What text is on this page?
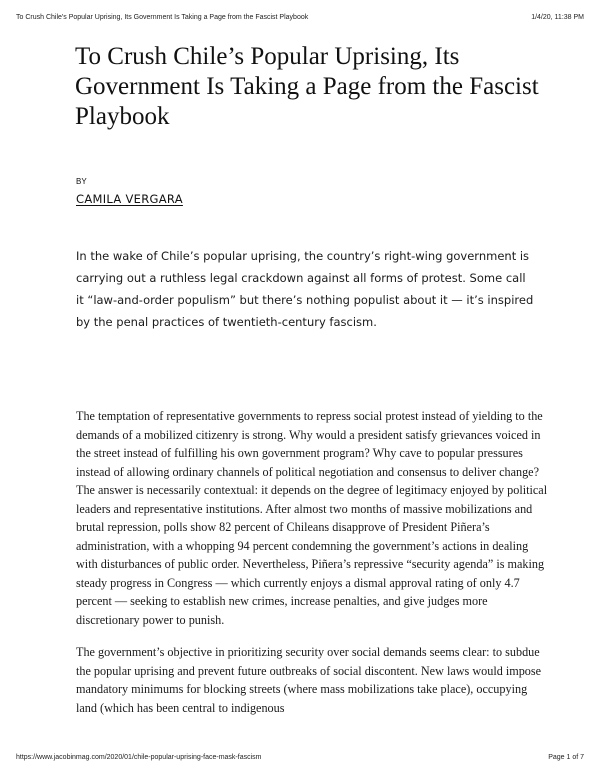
To Crush Chile's Popular Uprising, Its Government Is Taking a Page from the Fascist Playbook	1/4/20, 11:38 PM
To Crush Chile’s Popular Uprising, Its Government Is Taking a Page from the Fascist Playbook

BY

CAMILA VERGARA

In the wake of Chile’s popular uprising, the country’s right-wing government is carrying out a ruthless legal crackdown against all forms of protest. Some call it “law-and-order populism” but there’s nothing populist about it — it’s inspired by the penal practices of twentieth-century fascism.

The temptation of representative governments to repress social protest instead of yielding to the demands of a mobilized citizenry is strong. Why would a president satisfy grievances voiced in the street instead of fulfilling his own government program? Why cave to popular pressures instead of allowing ordinary channels of political negotiation and consensus to deliver change? The answer is necessarily contextual: it depends on the degree of legitimacy enjoyed by political leaders and representative institutions. After almost two months of massive mobilizations and brutal repression, polls show 82 percent of Chileans disapprove of President Piñera’s administration, with a whopping 94 percent condemning the government’s actions in dealing with disturbances of public order. Nevertheless, Piñera’s repressive “security agenda” is making steady progress in Congress — which currently enjoys a dismal approval rating of only 4.7 percent — seeking to establish new crimes, increase penalties, and give judges more discretionary power to punish.

The government’s objective in prioritizing security over social demands seems clear: to subdue the popular uprising and prevent future outbreaks of social discontent. New laws would impose mandatory minimums for blocking streets (where mass mobilizations take place), occupying land (which has been central to indigenous

https://www.jacobinmag.com/2020/01/chile-popular-uprising-face-mask-fascism	Page 1 of 7
